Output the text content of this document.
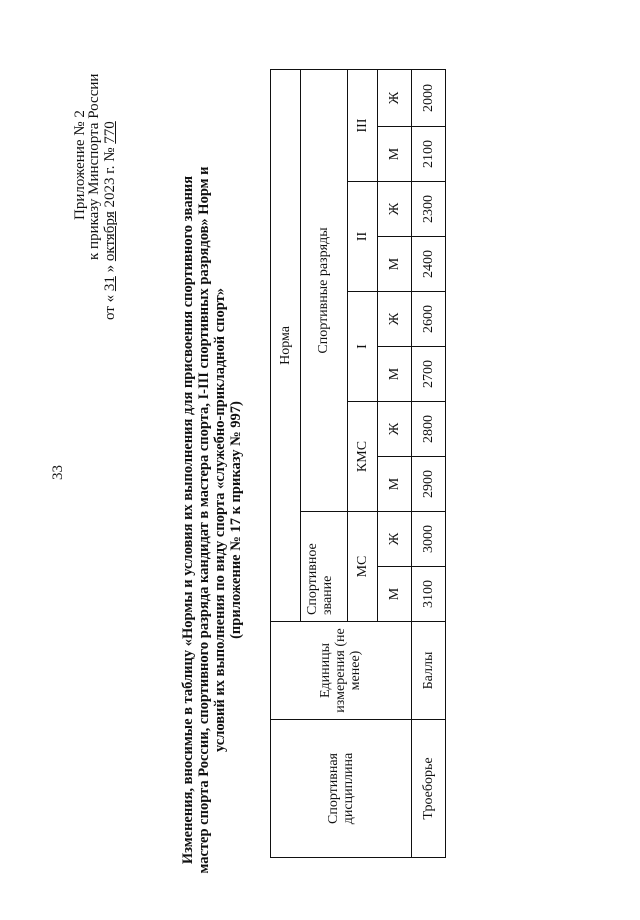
33
Приложение № 2
к приказу Минспорта России
от « 31 » октября 2023 г. № 770
Изменения, вносимые в таблицу «Нормы и условия их выполнения для присвоения спортивного звания мастер спорта России, спортивного разряда кандидат в мастера спорта, I-III спортивных разрядов» Норм и условий их выполнения по виду спорта «служебно-прикладной спорт» (приложение № 17 к приказу № 997)
Спортивная дисциплина	Единицы измерения (не менее)	Норма									
		Спортивное звание		Спортивные разряды							
		МС		КМС		I		II		III	
		М	Ж	М	Ж	М	Ж	М	Ж	М	Ж
Троеборье	Баллы	3100	3000	2900	2800	2700	2600	2400	2300	2100	2000
